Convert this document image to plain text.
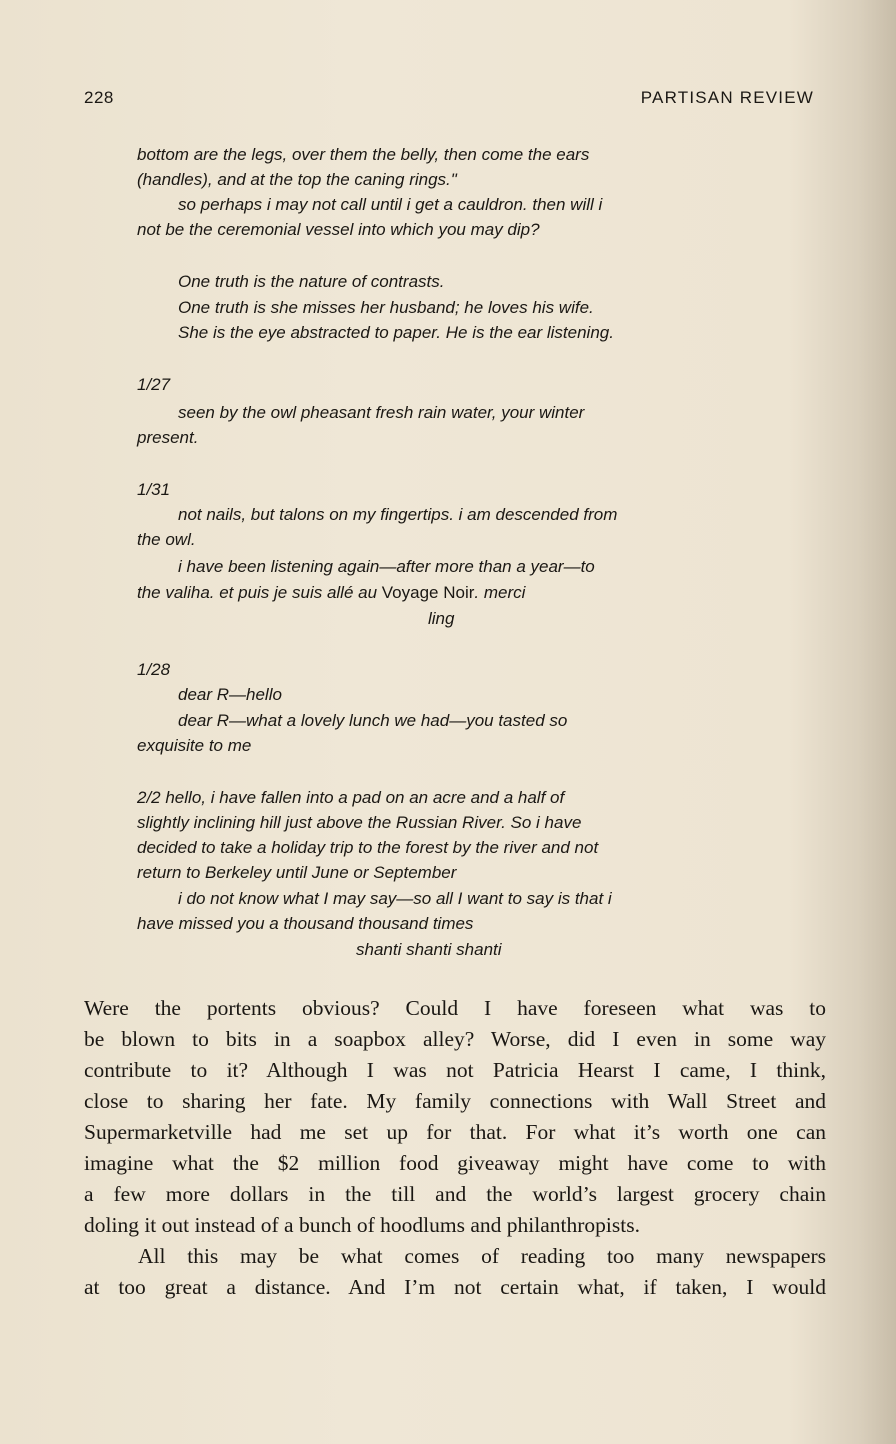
228	PARTISAN REVIEW
bottom are the legs, over them the belly, then come the ears
(handles), and at the top the caning rings."
so perhaps i may not call until i get a cauldron. then will i
not be the ceremonial vessel into which you may dip?
One truth is the nature of contrasts.
One truth is she misses her husband; he loves his wife.
She is the eye abstracted to paper. He is the ear listening.
1/27
seen by the owl pheasant fresh rain water, your winter
present.
1/31
not nails, but talons on my fingertips. i am descended from
the owl.
i have been listening again—after more than a year—to
the valiha. et puis je suis allé au Voyage Noir. merci
ling
1/28
dear R—hello
dear R—what a lovely lunch we had—you tasted so
exquisite to me
2/2 hello, i have fallen into a pad on an acre and a half of
slightly inclining hill just above the Russian River. So i have
decided to take a holiday trip to the forest by the river and not
return to Berkeley until June or September
i do not know what I may say—so all I want to say is that i
have missed you a thousand thousand times
shanti shanti shanti
Were the portents obvious? Could I have foreseen what was to
be blown to bits in a soapbox alley? Worse, did I even in some way
contribute to it? Although I was not Patricia Hearst I came, I think,
close to sharing her fate. My family connections with Wall Street and
Supermarketville had me set up for that. For what it’s worth one can
imagine what the $2 million food giveaway might have come to with
a few more dollars in the till and the world’s largest grocery chain
doling it out instead of a bunch of hoodlums and philanthropists.
All this may be what comes of reading too many newspapers
at too great a distance. And I’m not certain what, if taken, I would
